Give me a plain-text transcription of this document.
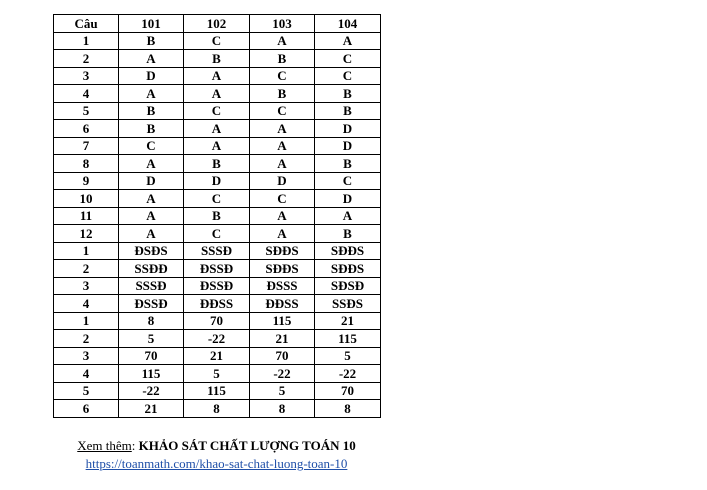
Câu	101	102	103	104
1	B	C	A	A
2	A	B	B	C
3	D	A	C	C
4	A	A	B	B
5	B	C	C	B
6	B	A	A	D
7	C	A	A	D
8	A	B	A	B
9	D	D	D	C
10	A	C	C	D
11	A	B	A	A
12	A	C	A	B
1	ĐSĐS	SSSĐ	SĐĐS	SĐĐS
2	SSĐĐ	ĐSSĐ	SĐĐS	SĐĐS
3	SSSĐ	ĐSSĐ	ĐSSS	SĐSĐ
4	ĐSSĐ	ĐĐSS	ĐĐSS	SSĐS
1	8	70	115	21
2	5	-22	21	115
3	70	21	70	5
4	115	5	-22	-22
5	-22	115	5	70
6	21	8	8	8
Xem thêm: KHẢO SÁT CHẤT LƯỢNG TOÁN 10
https://toanmath.com/khao-sat-chat-luong-toan-10
